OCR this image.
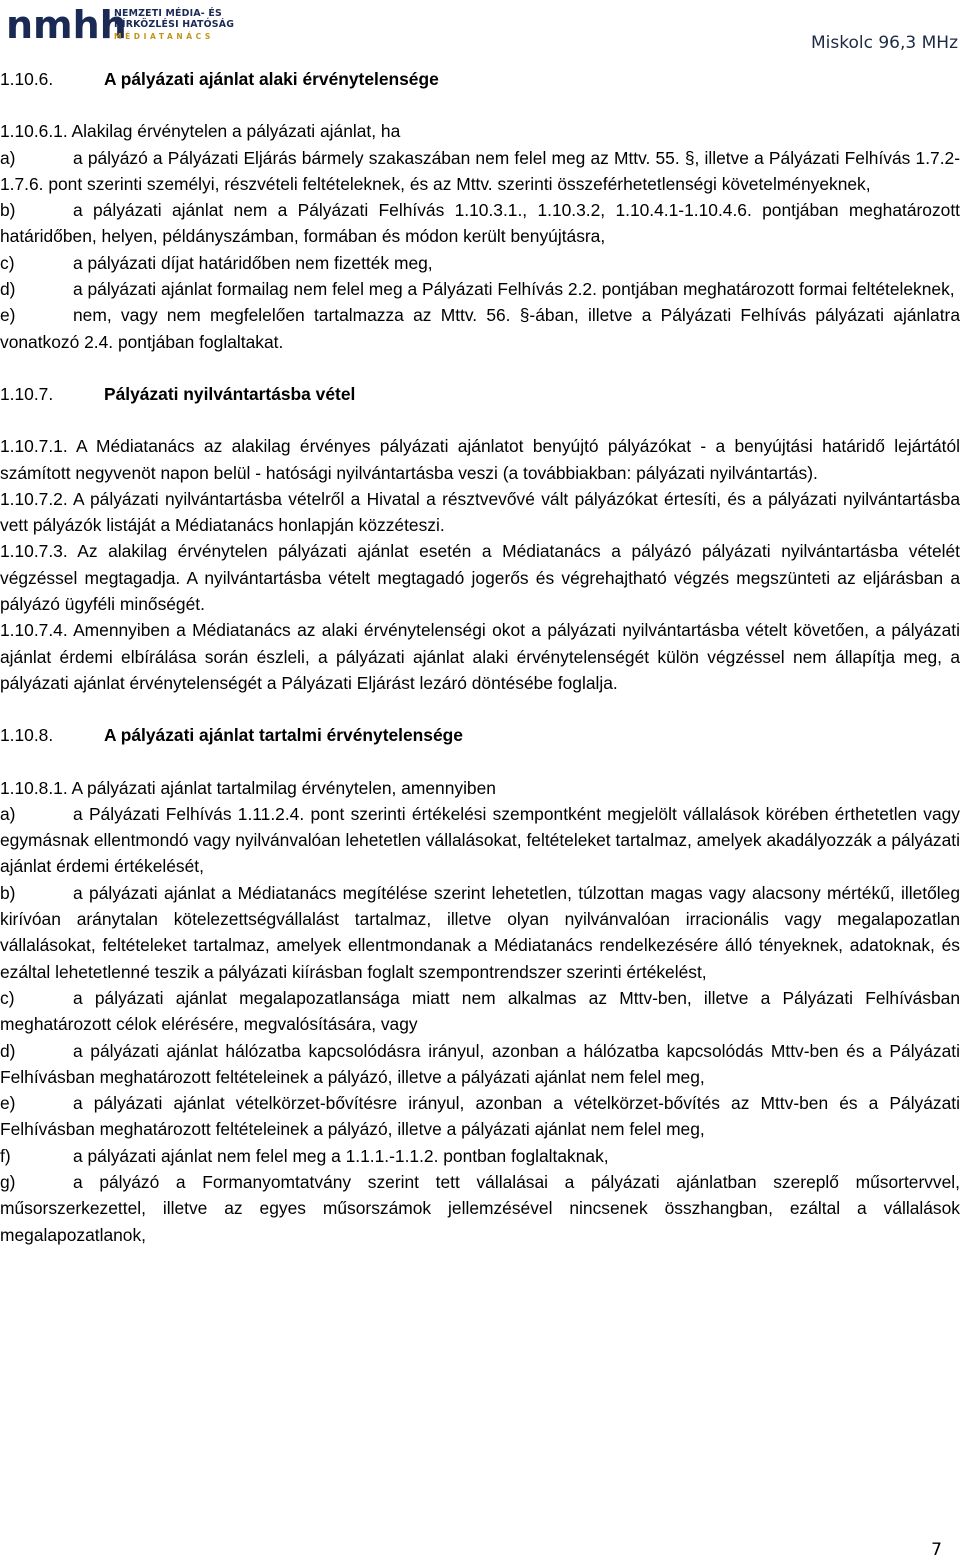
nmhh
NEMZETI MÉDIA- ÉS
HÍRKÖZLÉSI HATÓSÁG
MÉDIATANÁCS	Miskolc 96,3 MHz
1.10.6.	A pályázati ajánlat alaki érvénytelensége

1.10.6.1. Alakilag érvénytelen a pályázati ajánlat, ha

a)	a pályázó a Pályázati Eljárás bármely szakaszában nem felel meg az Mttv. 55. §, illetve a Pályázati Felhívás 1.7.2-1.7.6. pont szerinti személyi, részvételi feltételeknek, és az Mttv. szerinti összeférhetetlenségi követelményeknek,

b)	a pályázati ajánlat nem a Pályázati Felhívás 1.10.3.1., 1.10.3.2, 1.10.4.1-1.10.4.6. pontjában meghatározott határidőben, helyen, példányszámban, formában és módon került benyújtásra,

c)	a pályázati díjat határidőben nem fizették meg,

d)	a pályázati ajánlat formailag nem felel meg a Pályázati Felhívás 2.2. pontjában meghatározott formai feltételeknek,

e)	nem, vagy nem megfelelően tartalmazza az Mttv. 56. §-ában, illetve a Pályázati Felhívás pályázati ajánlatra vonatkozó 2.4. pontjában foglaltakat.

1.10.7.	Pályázati nyilvántartásba vétel

1.10.7.1. A Médiatanács az alakilag érvényes pályázati ajánlatot benyújtó pályázókat - a benyújtási határidő lejártától számított negyvenöt napon belül - hatósági nyilvántartásba veszi (a továbbiakban: pályázati nyilvántartás).

1.10.7.2. A pályázati nyilvántartásba vételről a Hivatal a résztvevővé vált pályázókat értesíti, és a pályázati nyilvántartásba vett pályázók listáját a Médiatanács honlapján közzéteszi.

1.10.7.3. Az alakilag érvénytelen pályázati ajánlat esetén a Médiatanács a pályázó pályázati nyilvántartásba vételét végzéssel megtagadja. A nyilvántartásba vételt megtagadó jogerős és végrehajtható végzés megszünteti az eljárásban a pályázó ügyféli minőségét.

1.10.7.4. Amennyiben a Médiatanács az alaki érvénytelenségi okot a pályázati nyilvántartásba vételt követően, a pályázati ajánlat érdemi elbírálása során észleli, a pályázati ajánlat alaki érvénytelenségét külön végzéssel nem állapítja meg, a pályázati ajánlat érvénytelenségét a Pályázati Eljárást lezáró döntésébe foglalja.

1.10.8.	A pályázati ajánlat tartalmi érvénytelensége

1.10.8.1. A pályázati ajánlat tartalmilag érvénytelen, amennyiben

a)	a Pályázati Felhívás 1.11.2.4. pont szerinti értékelési szempontként megjelölt vállalások körében érthetetlen vagy egymásnak ellentmondó vagy nyilvánvalóan lehetetlen vállalásokat, feltételeket tartalmaz, amelyek akadályozzák a pályázati ajánlat érdemi értékelését,

b)	a pályázati ajánlat a Médiatanács megítélése szerint lehetetlen, túlzottan magas vagy alacsony mértékű, illetőleg kirívóan aránytalan kötelezettségvállalást tartalmaz, illetve olyan nyilvánvalóan irracionális vagy megalapozatlan vállalásokat, feltételeket tartalmaz, amelyek ellentmondanak a Médiatanács rendelkezésére álló tényeknek, adatoknak, és ezáltal lehetetlenné teszik a pályázati kiírásban foglalt szempontrendszer szerinti értékelést,

c)	a pályázati ajánlat megalapozatlansága miatt nem alkalmas az Mttv-ben, illetve a Pályázati Felhívásban meghatározott célok elérésére, megvalósítására, vagy

d)	a pályázati ajánlat hálózatba kapcsolódásra irányul, azonban a hálózatba kapcsolódás Mttv-ben és a Pályázati Felhívásban meghatározott feltételeinek a pályázó, illetve a pályázati ajánlat nem felel meg,

e)	a pályázati ajánlat vételkörzet-bővítésre irányul, azonban a vételkörzet-bővítés az Mttv-ben és a Pályázati Felhívásban meghatározott feltételeinek a pályázó, illetve a pályázati ajánlat nem felel meg,

f)	a pályázati ajánlat nem felel meg a 1.1.1.-1.1.2. pontban foglaltaknak,

g)	a pályázó a Formanyomtatvány szerint tett vállalásai a pályázati ajánlatban szereplő műsortervvel, műsorszerkezettel, illetve az egyes műsorszámok jellemzésével nincsenek összhangban, ezáltal a vállalások megalapozatlanok,

7
